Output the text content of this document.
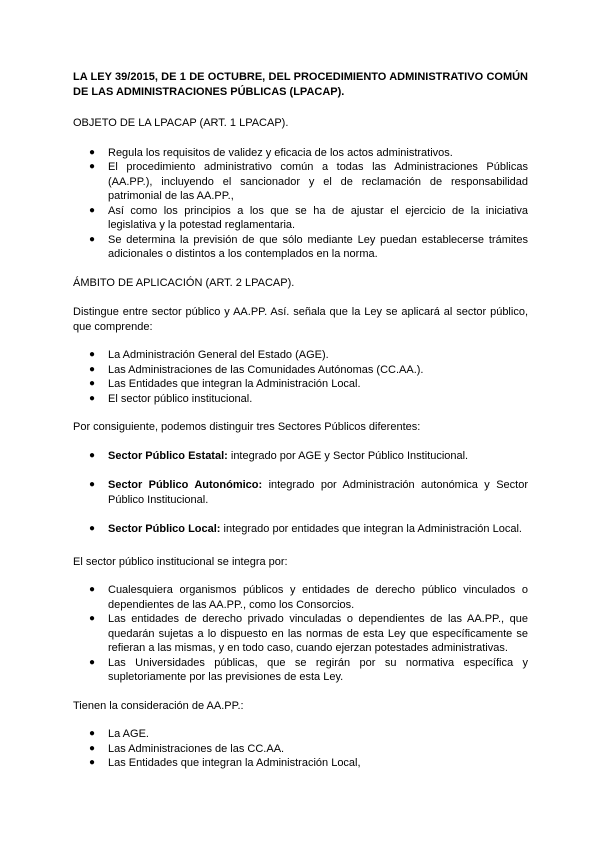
LA LEY 39/2015, DE 1 DE OCTUBRE, DEL PROCEDIMIENTO ADMINISTRATIVO COMÚN DE LAS ADMINISTRACIONES PÚBLICAS (LPACAP).
OBJETO DE LA LPACAP (ART. 1 LPACAP).
● Regula los requisitos de validez y eficacia de los actos administrativos.
● El procedimiento administrativo común a todas las Administraciones Públicas (AA.PP.), incluyendo el sancionador y el de reclamación de responsabilidad patrimonial de las AA.PP.,
● Así como los principios a los que se ha de ajustar el ejercicio de la iniciativa legislativa y la potestad reglamentaria.
● Se determina la previsión de que sólo mediante Ley puedan establecerse trámites adicionales o distintos a los contemplados en la norma.
ÁMBITO DE APLICACIÓN (ART. 2 LPACAP).
Distingue entre sector público y AA.PP. Así. señala que la Ley se aplicará al sector público, que comprende:
● La Administración General del Estado (AGE).
● Las Administraciones de las Comunidades Autónomas (CC.AA.).
● Las Entidades que integran la Administración Local.
● El sector público institucional.
Por consiguiente, podemos distinguir tres Sectores Públicos diferentes:
● Sector Público Estatal: integrado por AGE y Sector Público Institucional.
● Sector Público Autonómico: integrado por Administración autonómica y Sector Público Institucional.
● Sector Público Local: integrado por entidades que integran la Administración Local.
El sector público institucional se integra por:
● Cualesquiera organismos públicos y entidades de derecho público vinculados o dependientes de las AA.PP., como los Consorcios.
● Las entidades de derecho privado vinculadas o dependientes de las AA.PP., que quedarán sujetas a lo dispuesto en las normas de esta Ley que específicamente se refieran a las mismas, y en todo caso, cuando ejerzan potestades administrativas.
● Las Universidades públicas, que se regirán por su normativa específica y supletoriamente por las previsiones de esta Ley.
Tienen la consideración de AA.PP.:
● La AGE.
● Las Administraciones de las CC.AA.
● Las Entidades que integran la Administración Local,
